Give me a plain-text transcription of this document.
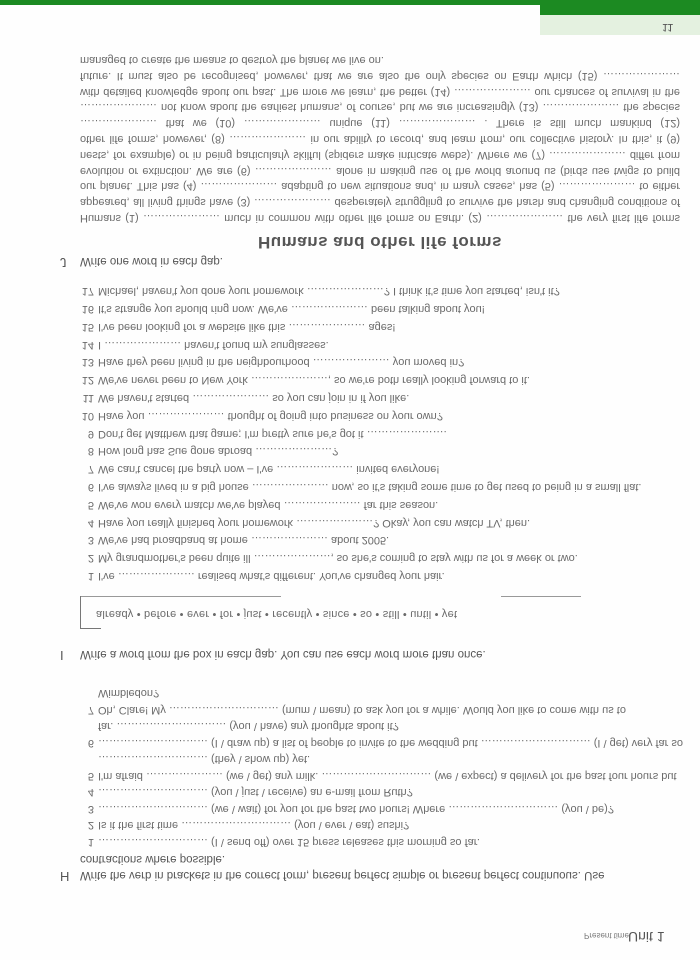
Present time Unit 1
H Write the verb in brackets in the correct form, present perfect simple or present perfect continuous. Use contractions where possible.
1 ………………………… (I \ send off) over 15 press releases this morning so far.
2 Is it the first time ………………………… (you \ ever \ eat) sushi?
3 ………………………… (we \ wait) for you for the past two hours! Where ………………………… (you \ be)?
4 ………………………… (you \ just \ receive) an e-mail from Ruth?
5 I'm afraid ………………… (we \ get) any milk. ………………………… (we \ expect) a delivery for the past four hours but ………………………… (they \ show up) yet.
6 ………………………… (I \ draw up) a list of people to invite to the wedding but ………………………… (I \ get) very far so far. ………………………… (you \ have) any thoughts about it?
7 Oh, Clare! My ………………………… (mum \ mean) to ask you for a while. Would you like to come with us to Wimbledon?
I Write a word from the box in each gap. You can use each word more than once.
already • before • ever • for • just • recently • since • so • still • until • yet
1 I've ………………… realised what's different. You've changed your hair.
2 My grandmother's been quite ill …………………, so she's coming to stay with us for a week or two.
3 We've had broadband at home ………………… about 2005.
4 Have you really finished your homework …………………? Okay, you can watch TV, then.
5 We've won every match we've played ………………… far this season.
6 I've always lived in a big house ………………… now, so it's taking some time to get used to being in a small flat.
7 We can't cancel the party now – I've ………………… invited everyone!
8 How long has Sue gone abroad …………………?
9 Don't get Matthew that game; I'm pretty sure he's got it ………………….
10 Have you ………………… thought of going into business on your own?
11 We haven't started ………………… so you can join in if you like.
12 We've never been to New York …………………, so we're both really looking forward to it.
13 Have they been living in the neighbourhood ………………… you moved in?
14 I ………………… haven't found my sunglasses.
15 I've been looking for a website like this ………………… ages!
16 It's strange you should ring now. We've ………………… been talking about you!
17 Michael, haven't you done your homework …………………? I think it's time you started, isn't it?
J Write one word in each gap.
Humans and other life forms
Humans (1) ………………… much in common with other life forms on Earth. (2) ………………… the very first life forms appeared, all living things have (3) ………………… desperately struggling to survive the harsh and changing conditions of our planet. This has (4) ………………… adapting to new situations and, in many cases, has (5) ………………… to either evolution or extinction. We are (6) ………………… alone in making use of the world around us (birds use twigs to build nests, for example) or in being particularly skilful (spiders make intricate webs). Where we (7) ………………… differ from other life forms, however, (8) ………………… in our ability to record, and learn from, our collective history. In this, it (9) ………………… that we (10) ………………… unique (11) ………………… . There is still much mankind (12) ………………… not know about the earliest humans, of course, but we are increasingly (13) ………………… the species with detailed knowledge about our past. The more we learn, the better (14) ………………… our chances of survival in the future. It must also be recognised, however, that we are also the only species on Earth which (15) ………………… managed to create the means to destroy the planet we live on.
11
